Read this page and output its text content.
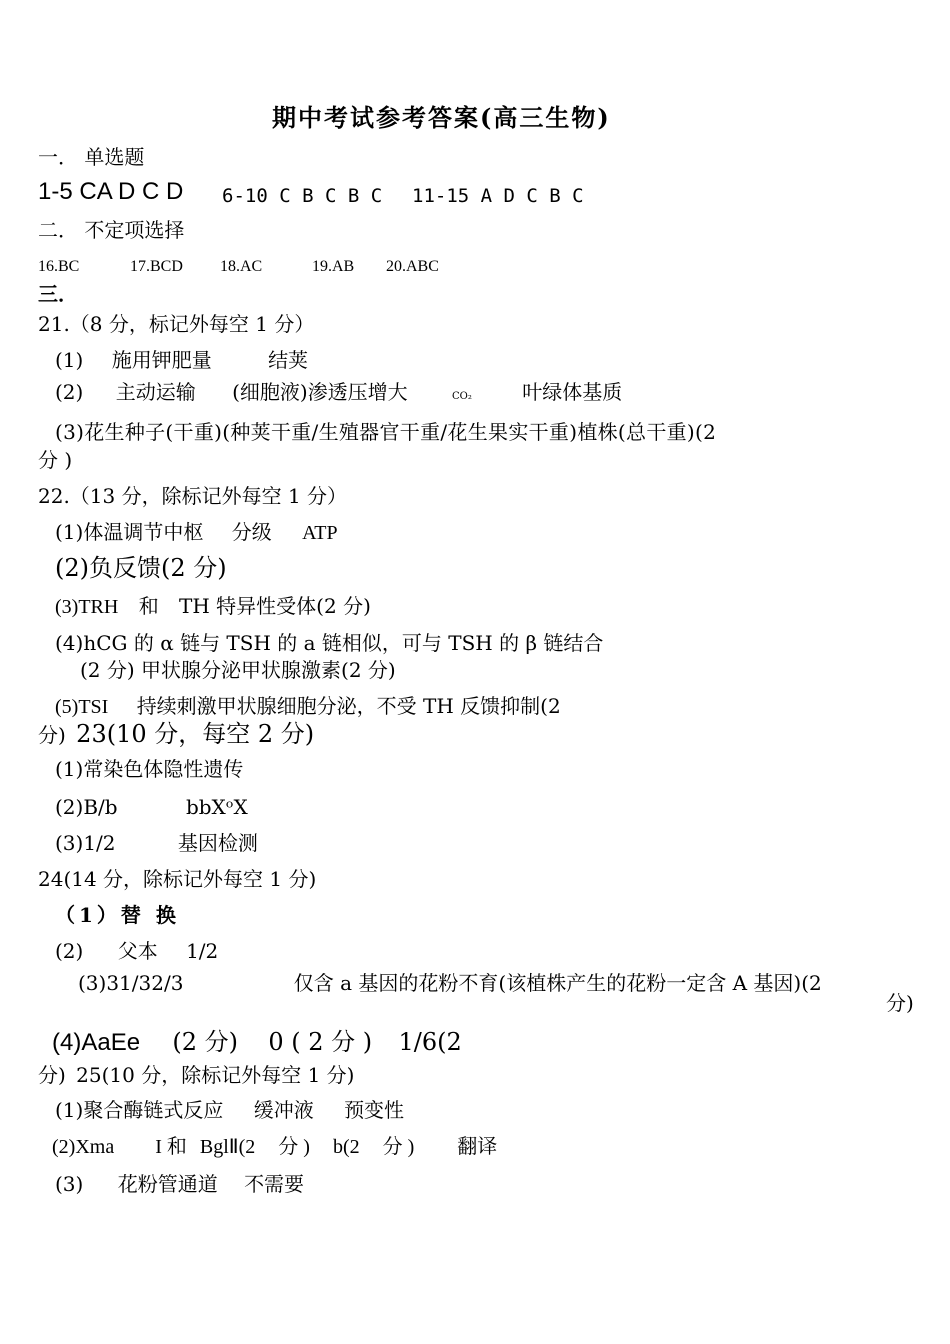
期中考试参考答案(高三生物)
一． 单选题
1-5 CA D C D 6-10 C B C B C 11-15 A D C B C
二． 不定项选择
16.BC	17.BCD 18.AC	19.AB 20.ABC
三．
21.（8 分，标记外每空 1 分）
(1) 施用钾肥量	结荚
(2) 主动运输 (细胞液)渗透压增大	CO₂	叶绿体基质
(3)花生种子(干重)(种荚干重/生殖器官干重/花生果实干重)植株(总干重)(2
分 )
22.（13 分，除标记外每空 1 分）
(1)体温调节中枢 分级 ATP
(2)负反馈(2 分)
(3)TRH 和 TH 特异性受体(2 分)
(4)hCG 的 α 链与 TSH 的 a 链相似，可与 TSH 的 β 链结合
(2 分) 甲状腺分泌甲状腺激素(2 分)
(5)TSI 持续刺激甲状腺细胞分泌，不受 TH 反馈抑制(2
分) 23(10 分，每空 2 分)
(1)常染色体隐性遗传
(2)B/b	bbXᵒX
(3)1/2	基因检测
24(14 分，除标记外每空 1 分)
（1）替 换
(2) 父本 1/2
(3)31/32/3	仅含 a 基因的花粉不育(该植株产生的花粉一定含 A 基因)(2
分)
(4)AaEe (2 分) 0 ( 2 分 ) 1/6(2
分) 25(10 分，除标记外每空 1 分)
(1)聚合酶链式反应 缓冲液 预变性
(2)Xma I 和 BglⅡ(2 分 ) b(2 分 ) 翻译
(3) 花粉管通道 不需要
